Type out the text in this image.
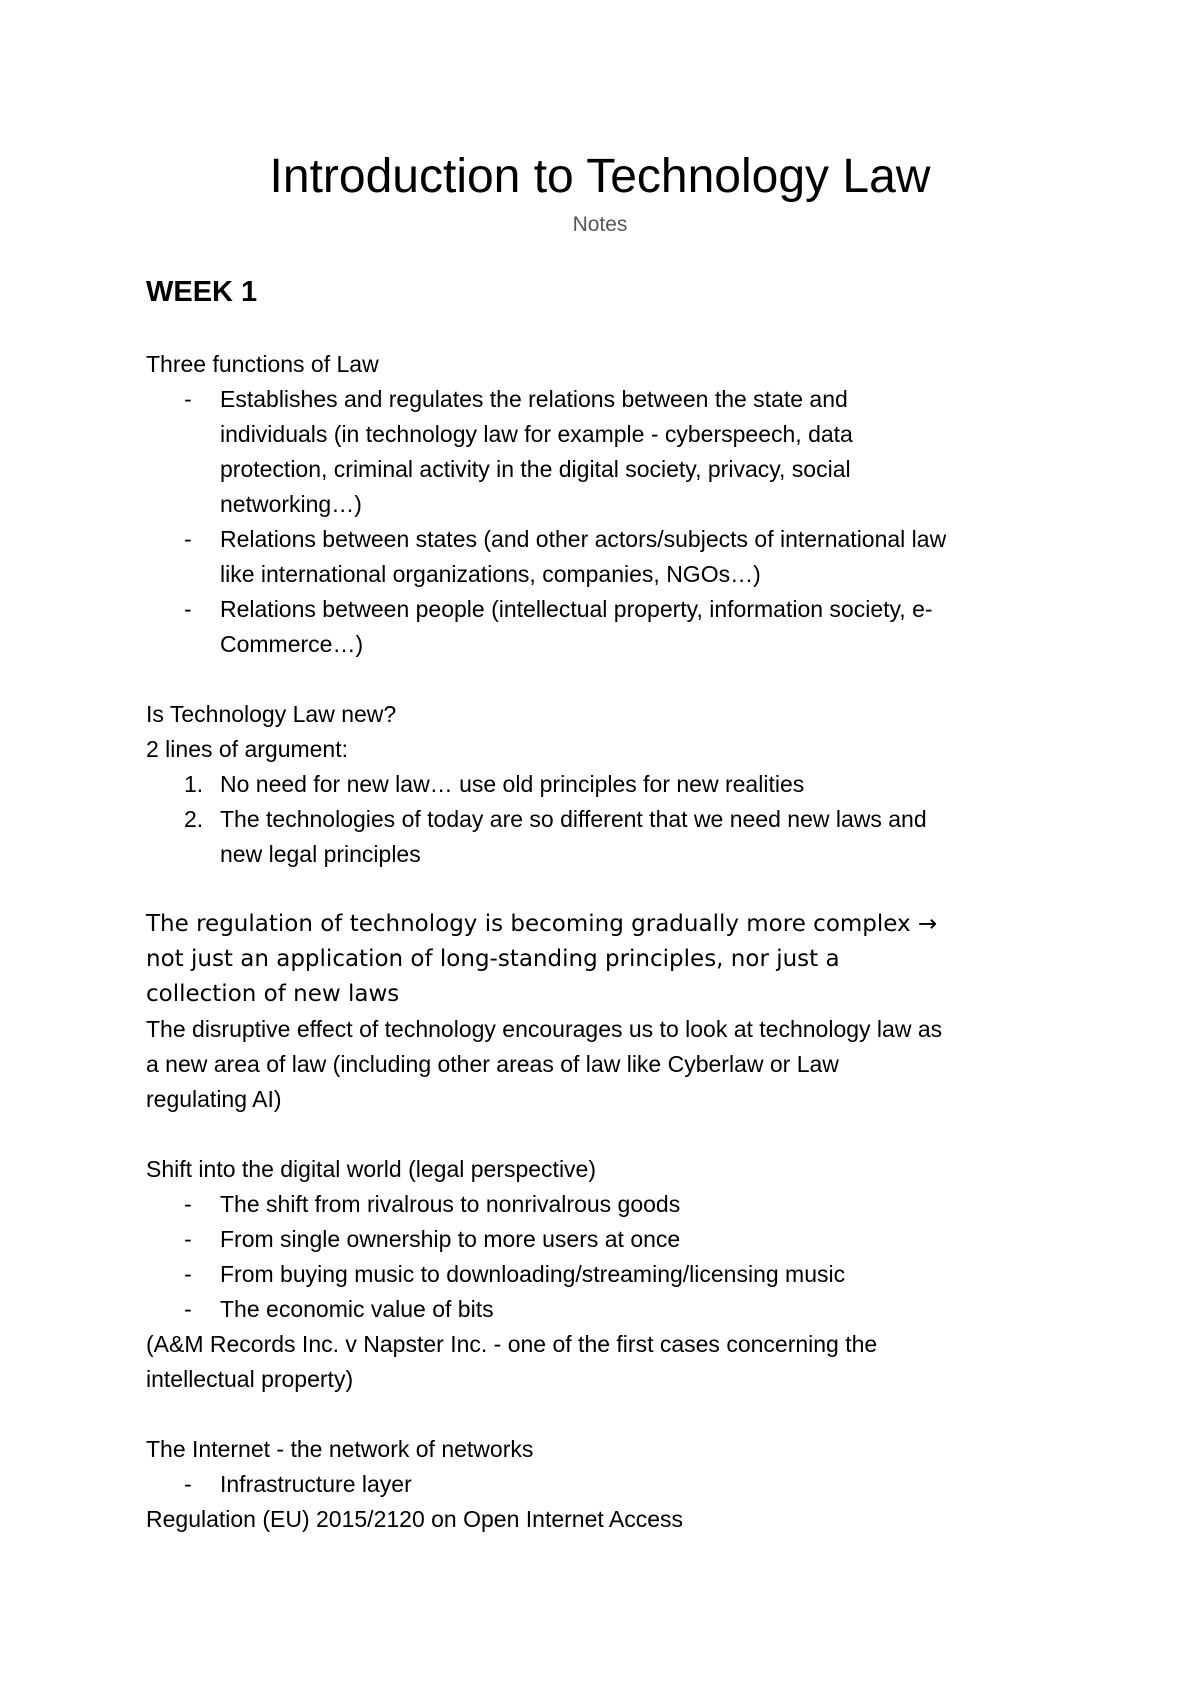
Introduction to Technology Law

Notes

WEEK 1

Three functions of Law

- Establishes and regulates the relations between the state and

individuals (in technology law for example - cyberspeech, data

protection, criminal activity in the digital society, privacy, social

networking…)

- Relations between states (and other actors/subjects of international law

like international organizations, companies, NGOs…)

- Relations between people (intellectual property, information society, e-

Commerce…)

Is Technology Law new?

2 lines of argument:

1. No need for new law… use old principles for new realities

2. The technologies of today are so different that we need new laws and

new legal principles

The regulation of technology is becoming gradually more complex →

not just an application of long-standing principles, nor just a

collection of new laws

The disruptive effect of technology encourages us to look at technology law as

a new area of law (including other areas of law like Cyberlaw or Law

regulating AI)

Shift into the digital world (legal perspective)

- The shift from rivalrous to nonrivalrous goods

- From single ownership to more users at once

- From buying music to downloading/streaming/licensing music

- The economic value of bits

(A&M Records Inc. v Napster Inc. - one of the first cases concerning the

intellectual property)

The Internet - the network of networks

- Infrastructure layer

Regulation (EU) 2015/2120 on Open Internet Access
